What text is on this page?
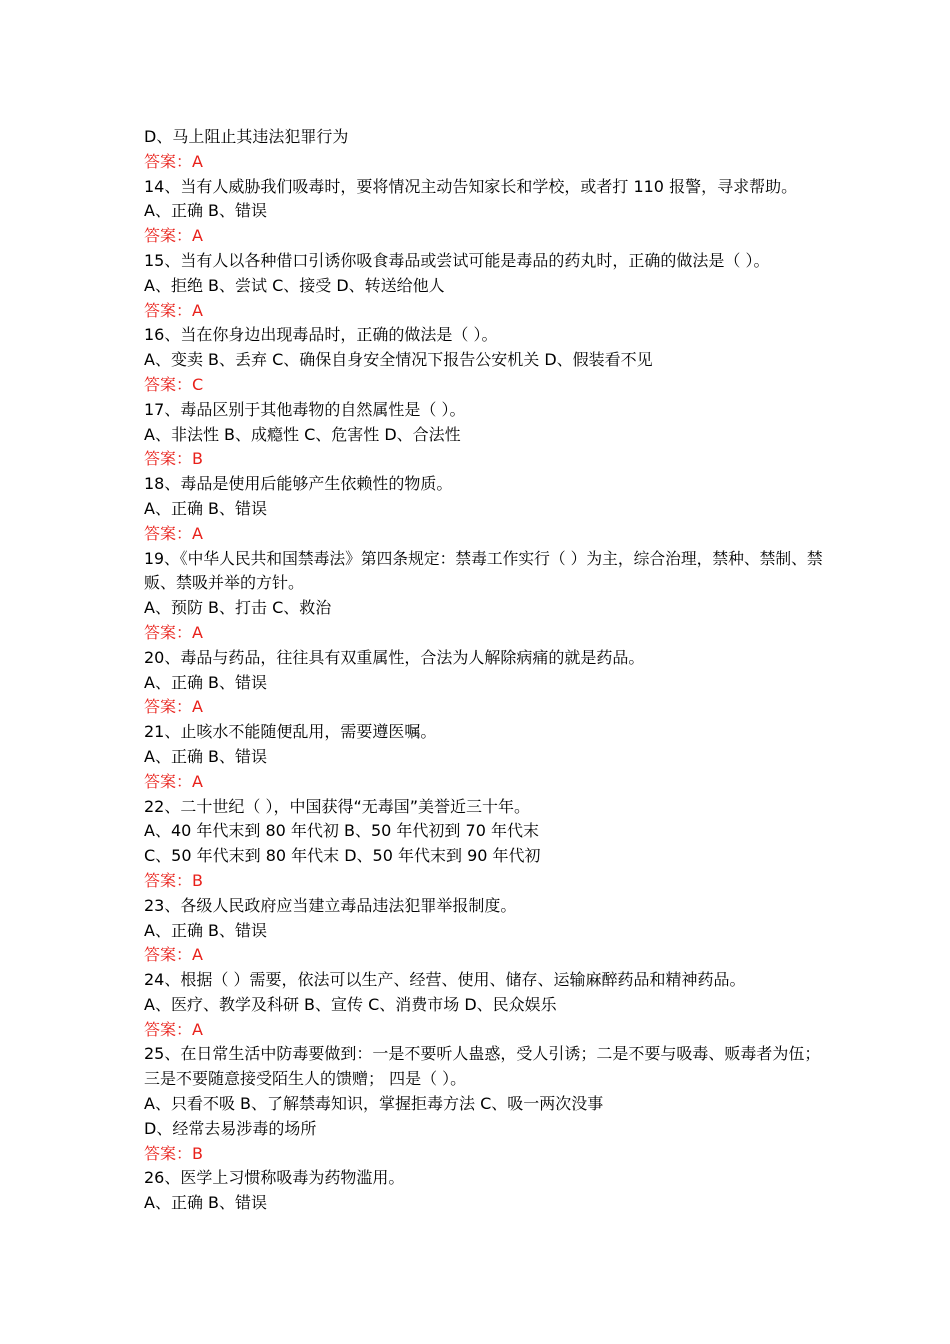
D、马上阻止其违法犯罪行为
答案：A
14、当有人威胁我们吸毒时，要将情况主动告知家长和学校，或者打 110 报警，寻求帮助。
A、正确 B、错误
答案：A
15、当有人以各种借口引诱你吸食毒品或尝试可能是毒品的药丸时，正确的做法是（ ）。
A、拒绝 B、尝试 C、接受 D、转送给他人
答案：A
16、当在你身边出现毒品时，正确的做法是（ ）。
A、变卖 B、丢弃 C、确保自身安全情况下报告公安机关 D、假装看不见
答案：C
17、毒品区别于其他毒物的自然属性是（ ）。
A、非法性 B、成瘾性 C、危害性 D、合法性
答案：B
18、毒品是使用后能够产生依赖性的物质。
A、正确 B、错误
答案：A
19、《中华人民共和国禁毒法》第四条规定：禁毒工作实行（ ）为主，综合治理，禁种、禁制、禁
贩、禁吸并举的方针。
A、预防 B、打击 C、救治
答案：A
20、毒品与药品，往往具有双重属性，合法为人解除病痛的就是药品。
A、正确 B、错误
答案：A
21、止咳水不能随便乱用，需要遵医嘱。
A、正确 B、错误
答案：A
22、二十世纪（ ），中国获得“无毒国”美誉近三十年。
A、40 年代末到 80 年代初 B、50 年代初到 70 年代末
C、50 年代末到 80 年代末 D、50 年代末到 90 年代初
答案：B
23、各级人民政府应当建立毒品违法犯罪举报制度。
A、正确 B、错误
答案：A
24、根据（ ）需要，依法可以生产、经营、使用、储存、运输麻醉药品和精神药品。
A、医疗、教学及科研 B、宣传 C、消费市场 D、民众娱乐
答案：A
25、在日常生活中防毒要做到：一是不要听人蛊惑，受人引诱；二是不要与吸毒、贩毒者为伍；
三是不要随意接受陌生人的馈赠； 四是（ ）。
A、只看不吸 B、了解禁毒知识，掌握拒毒方法 C、吸一两次没事
D、经常去易涉毒的场所
答案：B
26、医学上习惯称吸毒为药物滥用。
A、正确 B、错误
